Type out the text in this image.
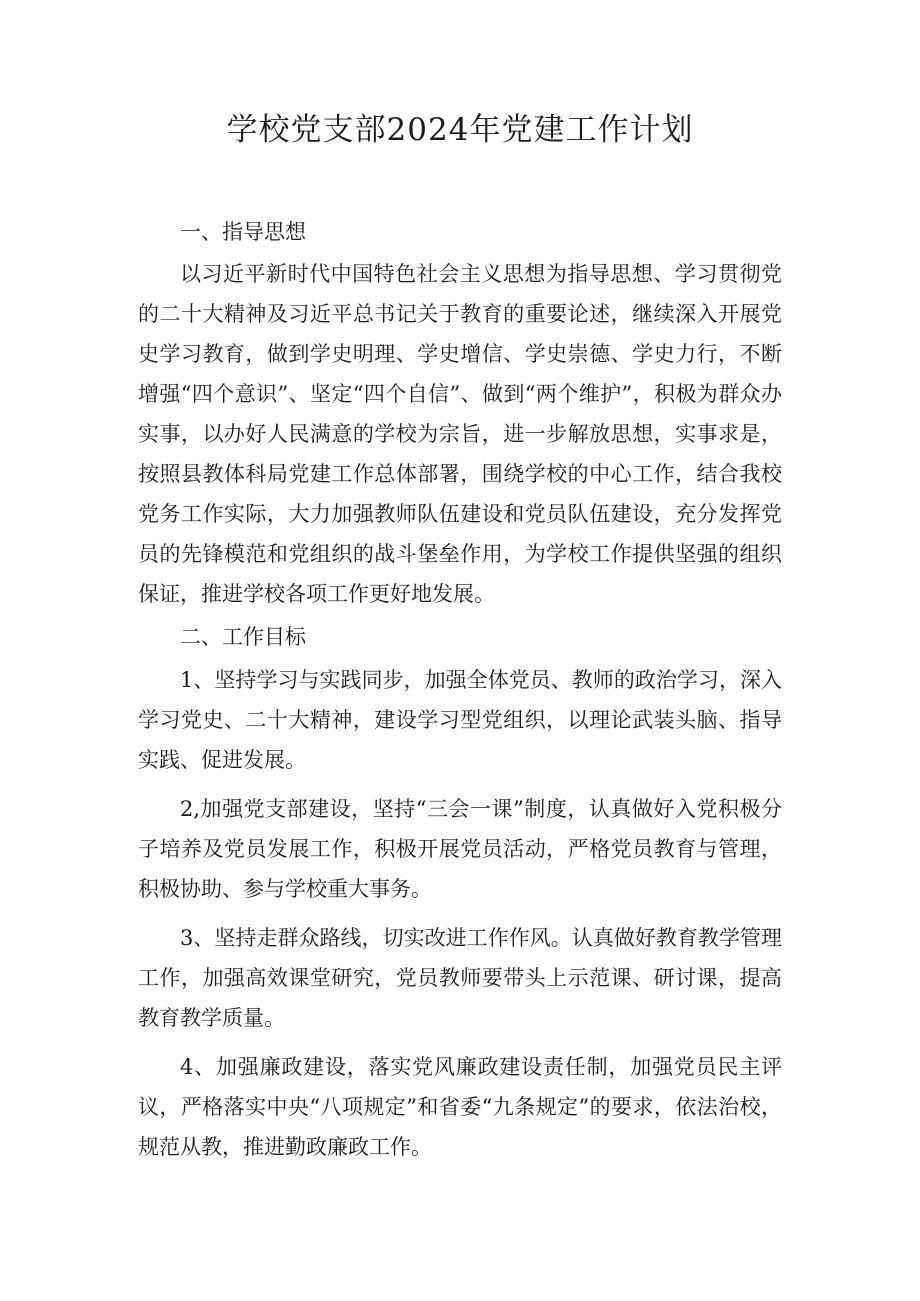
学校党支部2024年党建工作计划

一、指导思想

以习近平新时代中国特色社会主义思想为指导思想、学习贯彻党的二十大精神及习近平总书记关于教育的重要论述，继续深入开展党史学习教育，做到学史明理、学史增信、学史崇德、学史力行，不断增强“四个意识”、坚定“四个自信”、做到“两个维护”，积极为群众办实事，以办好人民满意的学校为宗旨，进一步解放思想，实事求是，按照县教体科局党建工作总体部署，围绕学校的中心工作，结合我校党务工作实际，大力加强教师队伍建设和党员队伍建设，充分发挥党员的先锋模范和党组织的战斗堡垒作用，为学校工作提供坚强的组织保证，推进学校各项工作更好地发展。

二、工作目标

1、坚持学习与实践同步，加强全体党员、教师的政治学习，深入学习党史、二十大精神，建设学习型党组织，以理论武装头脑、指导实践、促进发展。

2,加强党支部建设，坚持“三会一课”制度，认真做好入党积极分子培养及党员发展工作，积极开展党员活动，严格党员教育与管理，积极协助、参与学校重大事务。

3、坚持走群众路线，切实改进工作作风。认真做好教育教学管理工作，加强高效课堂研究，党员教师要带头上示范课、研讨课，提高教育教学质量。

4、加强廉政建设，落实党风廉政建设责任制，加强党员民主评议，严格落实中央“八项规定”和省委“九条规定”的要求，依法治校，规范从教，推进勤政廉政工作。
